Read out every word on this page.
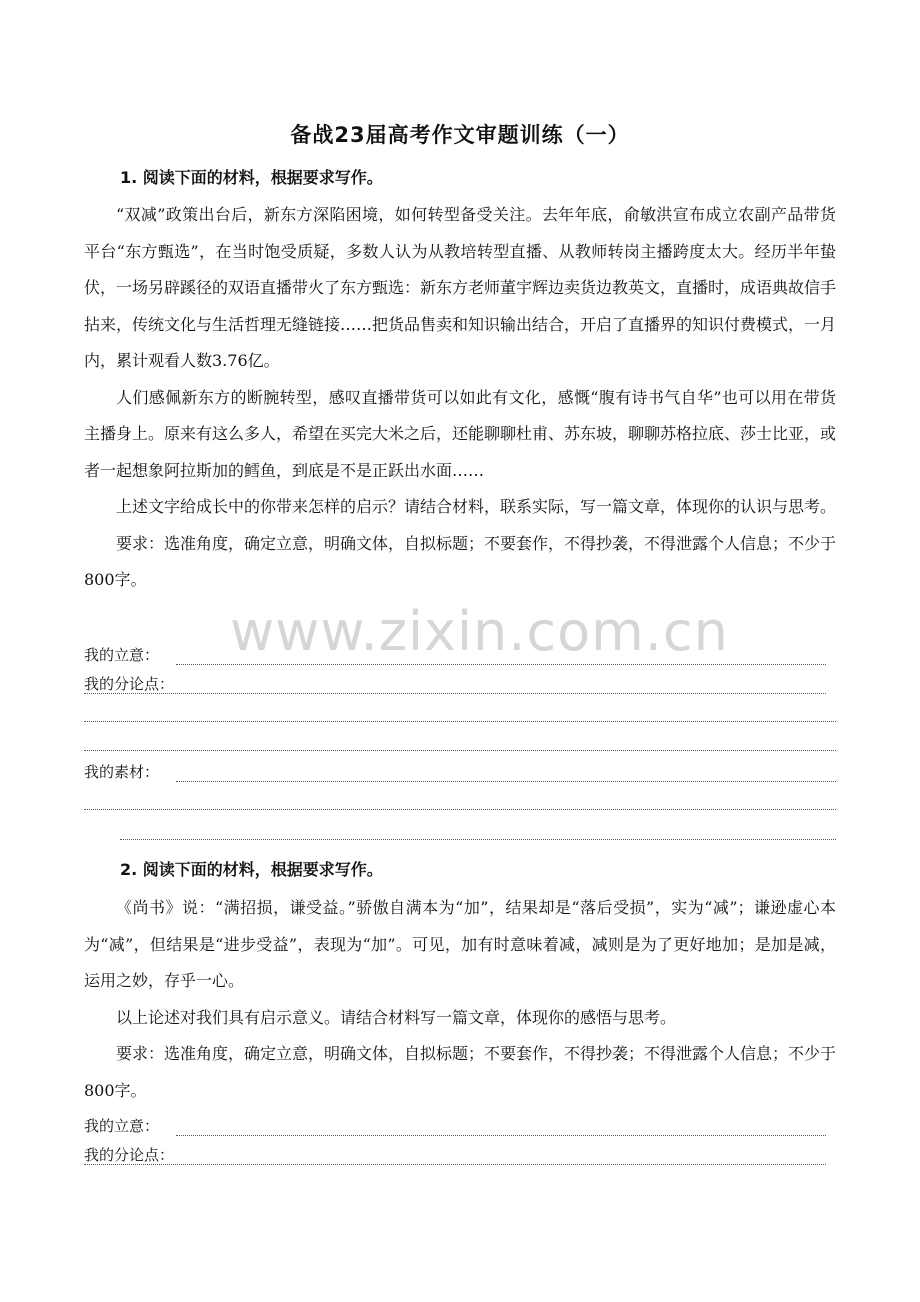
www.zixin.com.cn
备战23届高考作文审题训练（一）
1. 阅读下面的材料，根据要求写作。

“双减”政策出台后，新东方深陷困境，如何转型备受关注。去年年底，俞敏洪宣布成立农副产品带货平台“东方甄选”，在当时饱受质疑，多数人认为从教培转型直播、从教师转岗主播跨度太大。经历半年蛰伏，一场另辟蹊径的双语直播带火了东方甄选：新东方老师董宇辉边卖货边教英文，直播时，成语典故信手拈来，传统文化与生活哲理无缝链接……把货品售卖和知识输出结合，开启了直播界的知识付费模式，一月内，累计观看人数3.76亿。

人们感佩新东方的断腕转型，感叹直播带货可以如此有文化，感慨“腹有诗书气自华”也可以用在带货主播身上。原来有这么多人，希望在买完大米之后，还能聊聊杜甫、苏东坡，聊聊苏格拉底、莎士比亚，或者一起想象阿拉斯加的鳕鱼，到底是不是正跃出水面……

上述文字给成长中的你带来怎样的启示？请结合材料，联系实际，写一篇文章，体现你的认识与思考。

要求：选准角度，确定立意，明确文体，自拟标题；不要套作，不得抄袭，不得泄露个人信息；不少于800字。

我的立意：
我的分论点：
我的素材：
2. 阅读下面的材料，根据要求写作。

《尚书》说：“满招损，谦受益。”骄傲自满本为“加”，结果却是“落后受损”，实为“减”；谦逊虚心本为“减”，但结果是“进步受益”，表现为“加”。可见，加有时意味着减，减则是为了更好地加；是加是减，运用之妙，存乎一心。

以上论述对我们具有启示意义。请结合材料写一篇文章，体现你的感悟与思考。

要求：选准角度，确定立意，明确文体，自拟标题；不要套作，不得抄袭；不得泄露个人信息；不少于800字。

我的立意：
我的分论点：
